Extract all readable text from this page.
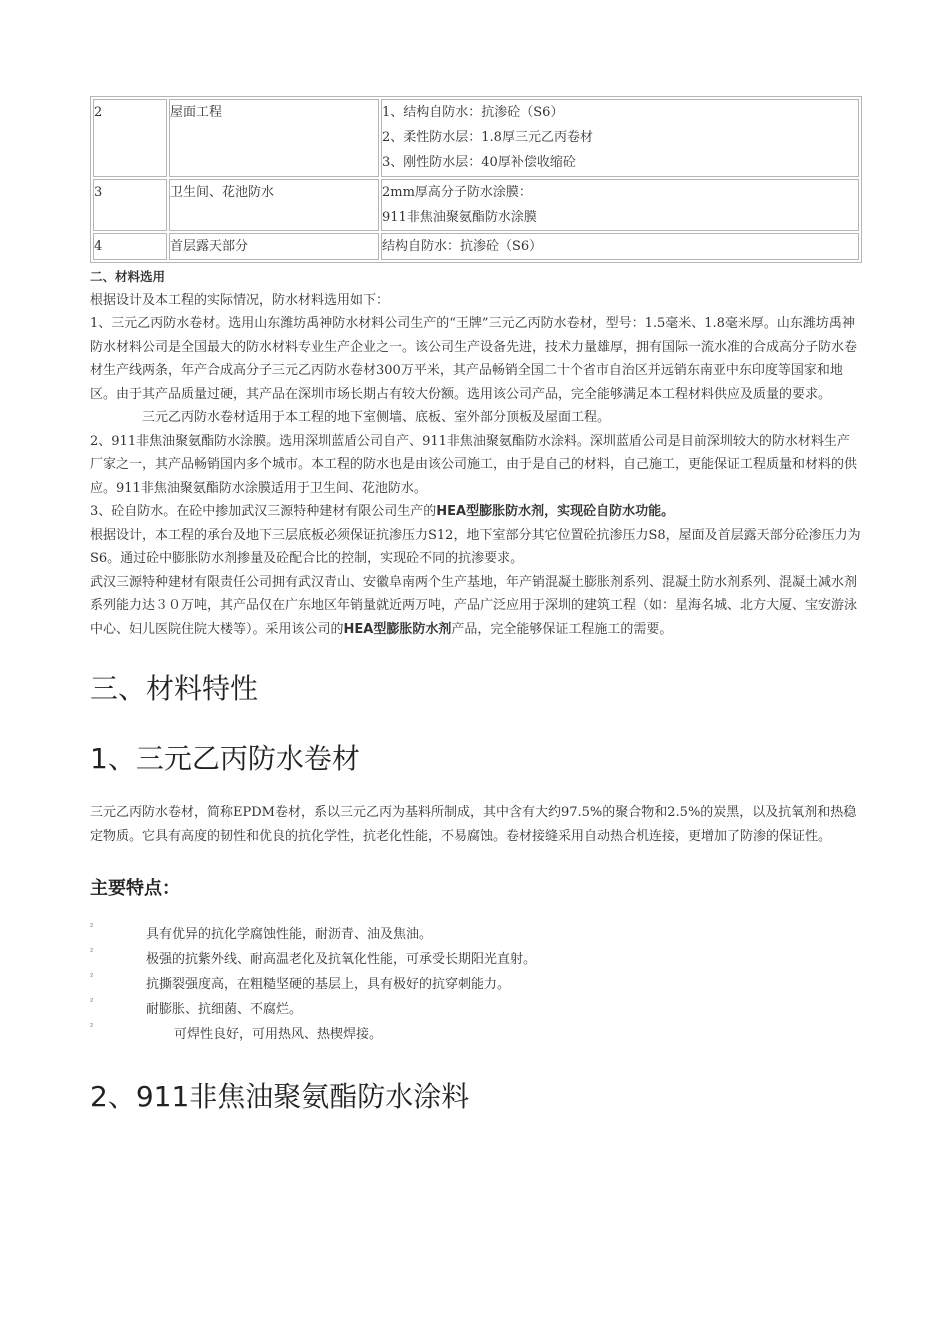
2	屋面工程	1、结构自防水：抗渗砼（S6）
2、柔性防水层：1.8厚三元乙丙卷材
3、刚性防水层：40厚补偿收缩砼

3	卫生间、花池防水	2mm厚高分子防水涂膜：
911非焦油聚氨酯防水涂膜

4	首层露天部分	结构自防水：抗渗砼（S6）

二、材料选用

根据设计及本工程的实际情况，防水材料选用如下：

1、三元乙丙防水卷材。选用山东潍坊禹神防水材料公司生产的“王牌”三元乙丙防水卷材，型号：1.5毫米、1.8毫米厚。山东潍坊禹神防水材料公司是全国最大的防水材料专业生产企业之一。该公司生产设备先进，技术力量雄厚，拥有国际一流水准的合成高分子防水卷材生产线两条，年产合成高分子三元乙丙防水卷材300万平米，其产品畅销全国二十个省市自治区并远销东南亚中东印度等国家和地区。由于其产品质量过硬，其产品在深圳市场长期占有较大份额。选用该公司产品，完全能够满足本工程材料供应及质量的要求。

三元乙丙防水卷材适用于本工程的地下室侧墙、底板、室外部分顶板及屋面工程。

2、911非焦油聚氨酯防水涂膜。选用深圳蓝盾公司自产、911非焦油聚氨酯防水涂料。深圳蓝盾公司是目前深圳较大的防水材料生产厂家之一，其产品畅销国内多个城市。本工程的防水也是由该公司施工，由于是自己的材料，自己施工，更能保证工程质量和材料的供应。911非焦油聚氨酯防水涂膜适用于卫生间、花池防水。

3、砼自防水。在砼中掺加武汉三源特种建材有限公司生产的HEA型膨胀防水剂，实现砼自防水功能。

根据设计，本工程的承台及地下三层底板必须保证抗渗压力S12，地下室部分其它位置砼抗渗压力S8，屋面及首层露天部分砼渗压力为S6。通过砼中膨胀防水剂掺量及砼配合比的控制，实现砼不同的抗渗要求。

武汉三源特种建材有限责任公司拥有武汉青山、安徽阜南两个生产基地，年产销混凝土膨胀剂系列、混凝土防水剂系列、混凝土减水剂系列能力达３０万吨，其产品仅在广东地区年销量就近两万吨，产品广泛应用于深圳的建筑工程（如：星海名城、北方大厦、宝安游泳中心、妇儿医院住院大楼等）。采用该公司的HEA型膨胀防水剂产品，完全能够保证工程施工的需要。

三、材料特性
1、三元乙丙防水卷材
三元乙丙防水卷材，简称EPDM卷材，系以三元乙丙为基料所制成，其中含有大约97.5%的聚合物和2.5%的炭黑，以及抗氧剂和热稳定物质。它具有高度的韧性和优良的抗化学性，抗老化性能，不易腐蚀。卷材接缝采用自动热合机连接，更增加了防渗的保证性。
主要特点：
²
具有优异的抗化学腐蚀性能，耐沥青、油及焦油。
²
极强的抗紫外线、耐高温老化及抗氧化性能，可承受长期阳光直射。
²
抗撕裂强度高，在粗糙坚硬的基层上，具有极好的抗穿刺能力。
²
耐膨胀、抗细菌、不腐烂。
²
可焊性良好，可用热风、热楔焊接。
2、911非焦油聚氨酯防水涂料
